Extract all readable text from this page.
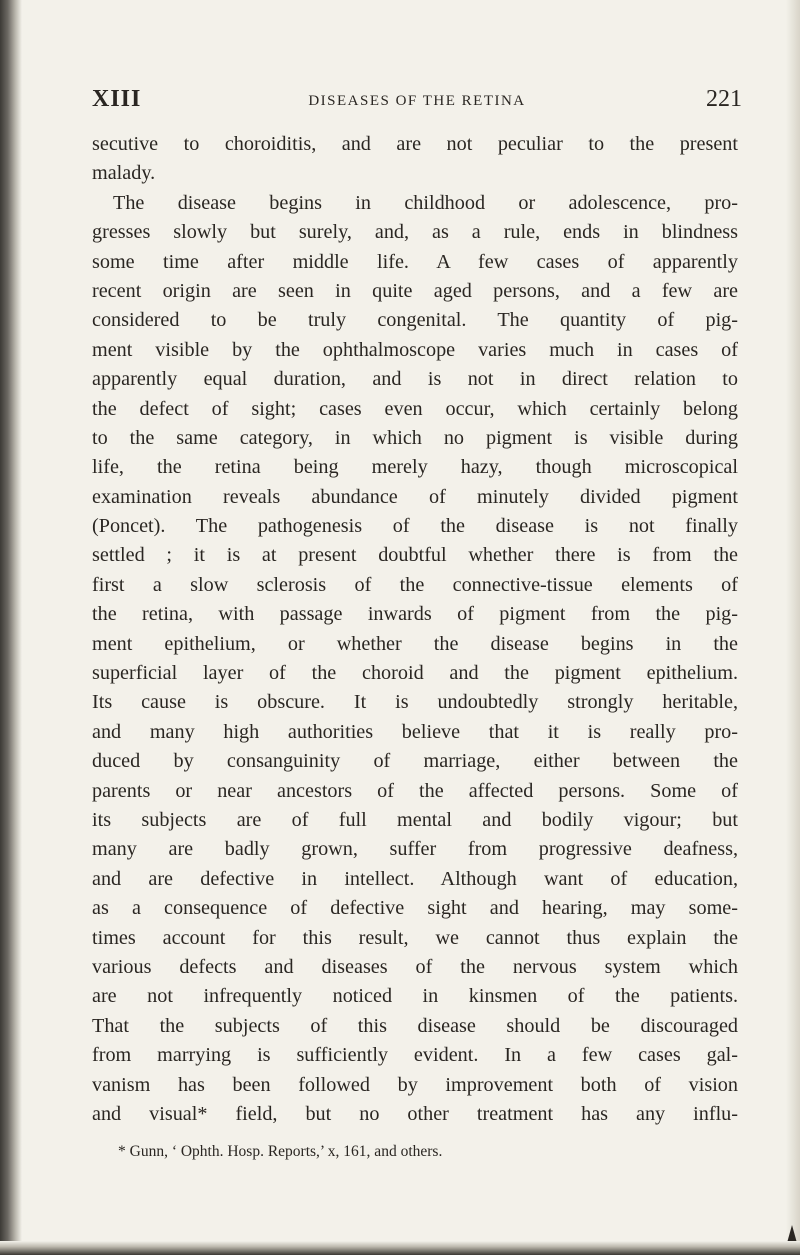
XIII	DISEASES OF THE RETINA	221
secutive to choroiditis, and are not peculiar to the present
malady.
The disease begins in childhood or adolescence, pro-
gresses slowly but surely, and, as a rule, ends in blindness
some time after middle life. A few cases of apparently
recent origin are seen in quite aged persons, and a few are
considered to be truly congenital. The quantity of pig-
ment visible by the ophthalmoscope varies much in cases of
apparently equal duration, and is not in direct relation to
the defect of sight; cases even occur, which certainly belong
to the same category, in which no pigment is visible during
life, the retina being merely hazy, though microscopical
examination reveals abundance of minutely divided pigment
(Poncet). The pathogenesis of the disease is not finally
settled ; it is at present doubtful whether there is from the
first a slow sclerosis of the connective-tissue elements of
the retina, with passage inwards of pigment from the pig-
ment epithelium, or whether the disease begins in the
superficial layer of the choroid and the pigment epithelium.
Its cause is obscure. It is undoubtedly strongly heritable,
and many high authorities believe that it is really pro-
duced by consanguinity of marriage, either between the
parents or near ancestors of the affected persons. Some of
its subjects are of full mental and bodily vigour; but
many are badly grown, suffer from progressive deafness,
and are defective in intellect. Although want of education,
as a consequence of defective sight and hearing, may some-
times account for this result, we cannot thus explain the
various defects and diseases of the nervous system which
are not infrequently noticed in kinsmen of the patients.
That the subjects of this disease should be discouraged
from marrying is sufficiently evident. In a few cases gal-
vanism has been followed by improvement both of vision
and visual* field, but no other treatment has any influ-
* Gunn, ‘ Ophth. Hosp. Reports,’ x, 161, and others.
